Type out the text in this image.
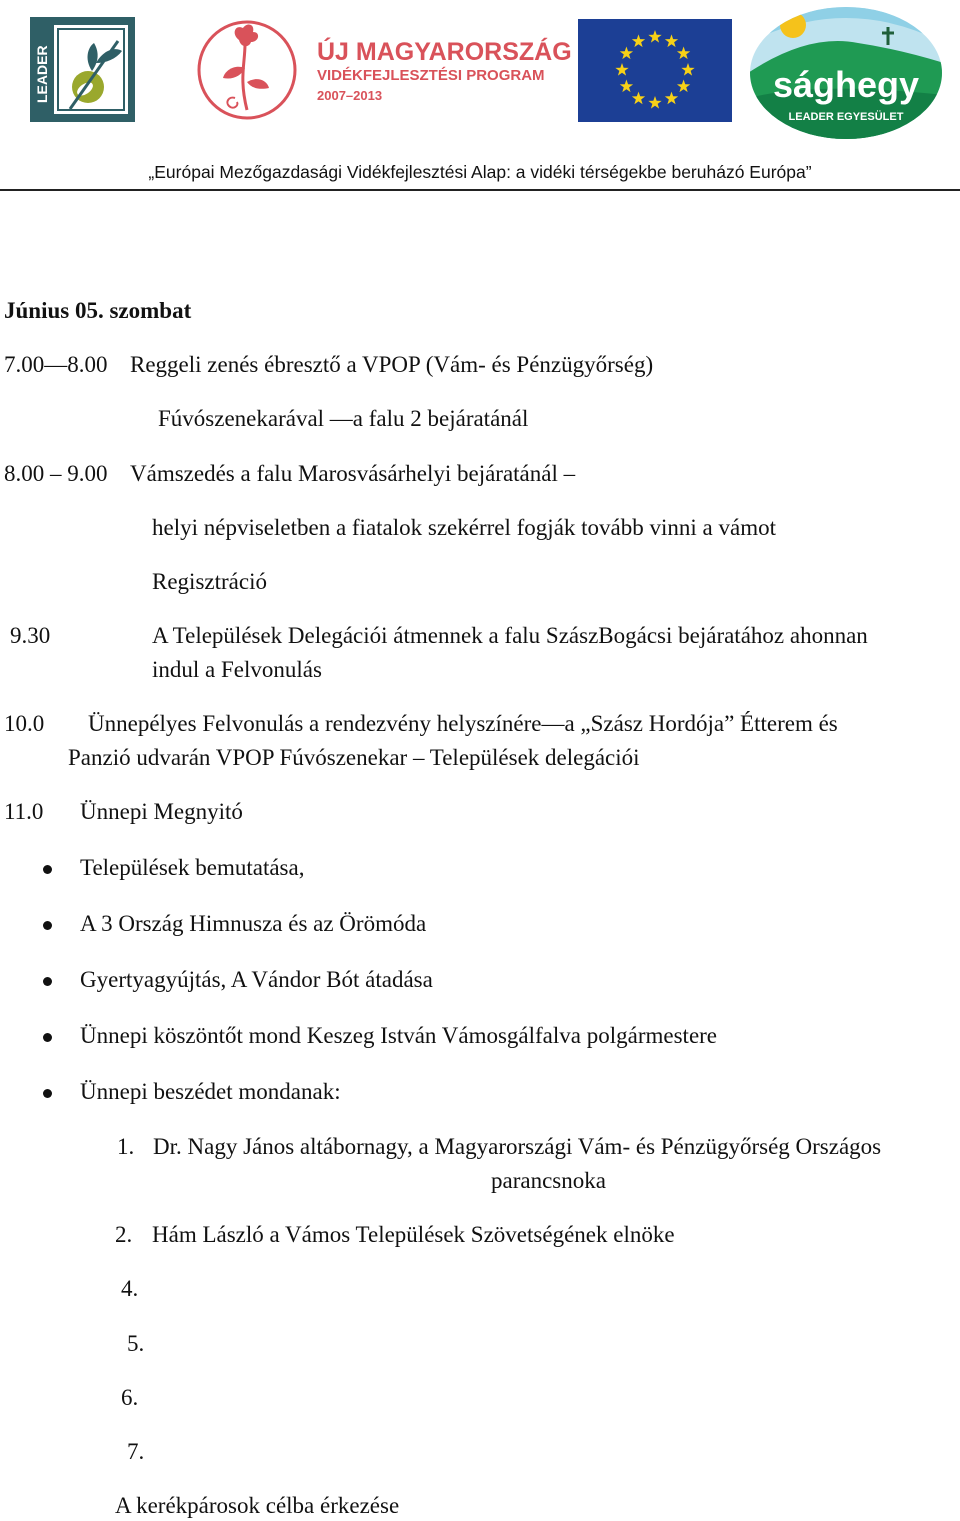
LEADER	ÚJ MAGYARORSZÁG
VIDÉKFEJLESZTÉSI PROGRAM
2007–2013	sághegy
LEADER EGYESÜLET
„Európai Mezőgazdasági Vidékfejlesztési Alap: a vidéki térségekbe beruházó Európa”
Június 05. szombat
7.00—8.00 Reggeli zenés ébresztő a VPOP (Vám- és Pénzügyőrség)
Fúvószenekarával —a falu 2 bejáratánál
8.00 – 9.00 Vámszedés a falu Marosvásárhelyi bejáratánál –
helyi népviseletben a fiatalok szekérrel fogják tovább vinni a vámot
Regisztráció
9.30	A Települések Delegációi átmennek a falu SzászBogácsi bejáratához ahonnan
indul a Felvonulás
10.0 Ünnepélyes Felvonulás a rendezvény helyszínére—a „Szász Hordója” Étterem és
Panzió udvarán VPOP Fúvószenekar – Települések delegációi
11.0 Ünnepi Megnyitó
Települések bemutatása,
A 3 Ország Himnusza és az Örömóda
Gyertyagyújtás, A Vándor Bót átadása
Ünnepi köszöntőt mond Keszeg István Vámosgálfalva polgármestere
Ünnepi beszédet mondanak:
1. Dr. Nagy János altábornagy, a Magyarországi Vám- és Pénzügyőrség Országos
parancsnoka
2. Hám László a Vámos Települések Szövetségének elnöke
4.
5.
6.
7.
A kerékpárosok célba érkezése
